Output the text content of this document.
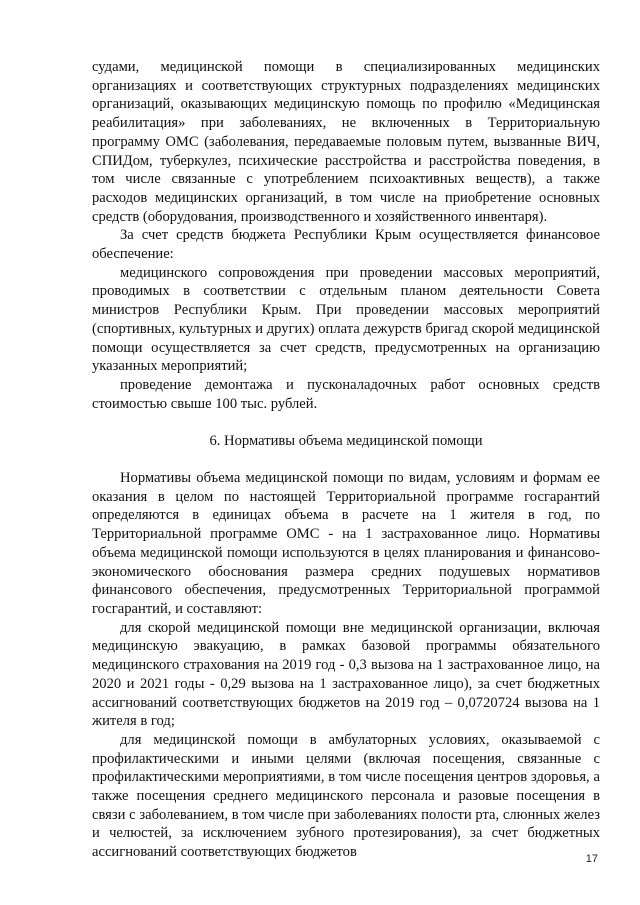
судами, медицинской помощи в специализированных медицинских организациях и соответствующих структурных подразделениях медицинских организаций, оказывающих медицинскую помощь по профилю «Медицинская реабилитация» при заболеваниях, не включенных в Территориальную программу ОМС (заболевания, передаваемые половым путем, вызванные ВИЧ, СПИДом, туберкулез, психические расстройства и расстройства поведения, в том числе связанные с употреблением психоактивных веществ), а также расходов медицинских организаций, в том числе на приобретение основных средств (оборудования, производственного и хозяйственного инвентаря).

За счет средств бюджета Республики Крым осуществляется финансовое обеспечение:

медицинского сопровождения при проведении массовых мероприятий, проводимых в соответствии с отдельным планом деятельности Совета министров Республики Крым. При проведении массовых мероприятий (спортивных, культурных и других) оплата дежурств бригад скорой медицинской помощи осуществляется за счет средств, предусмотренных на организацию указанных мероприятий;

проведение демонтажа и пусконаладочных работ основных средств стоимостью свыше 100 тыс. рублей.

6. Нормативы объема медицинской помощи

Нормативы объема медицинской помощи по видам, условиям и формам ее оказания в целом по настоящей Территориальной программе госгарантий определяются в единицах объема в расчете на 1 жителя в год, по Территориальной программе ОМС - на 1 застрахованное лицо. Нормативы объема медицинской помощи используются в целях планирования и финансово-экономического обоснования размера средних подушевых нормативов финансового обеспечения, предусмотренных Территориальной программой госгарантий, и составляют:

для скорой медицинской помощи вне медицинской организации, включая медицинскую эвакуацию, в рамках базовой программы обязательного медицинского страхования на 2019 год - 0,3 вызова на 1 застрахованное лицо, на 2020 и 2021 годы - 0,29 вызова на 1 застрахованное лицо), за счет бюджетных ассигнований соответствующих бюджетов на 2019 год – 0,0720724 вызова на 1 жителя в год;

для медицинской помощи в амбулаторных условиях, оказываемой с профилактическими и иными целями (включая посещения, связанные с профилактическими мероприятиями, в том числе посещения центров здоровья, а также посещения среднего медицинского персонала и разовые посещения в связи с заболеванием, в том числе при заболеваниях полости рта, слюнных желез и челюстей, за исключением зубного протезирования), за счет бюджетных ассигнований соответствующих бюджетов	17
